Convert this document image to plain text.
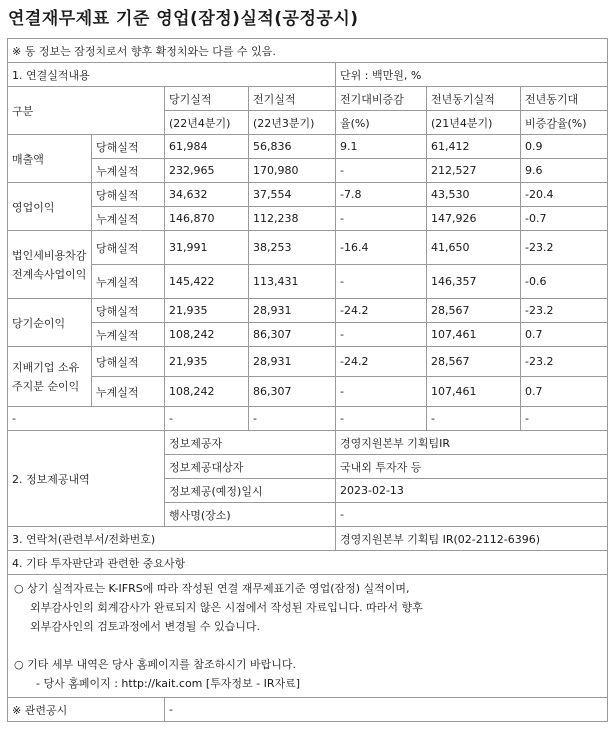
연결재무제표 기준 영업(잠정)실적(공정공시)
※ 동 정보는 잠정치로서 향후 확정치와는 다를 수 있음.						
1. 연결실적내용				단위 : 백만원, %		
구분		당기실적	전기실적	전기대비증감	전년동기실적	전년동기대
		(22년4분기)	(22년3분기)	율(%)	(21년4분기)	비증감율(%)
매출액	당해실적	61,984	56,836	9.1	61,412	0.9
	누계실적	232,965	170,980	-	212,527	9.6
영업이익	당해실적	34,632	37,554	-7.8	43,530	-20.4
	누계실적	146,870	112,238	-	147,926	-0.7
법인세비용차감전계속사업이익	당해실적	31,991	38,253	-16.4	41,650	-23.2
	누계실적	145,422	113,431	-	146,357	-0.6
당기순이익	당해실적	21,935	28,931	-24.2	28,567	-23.2
	누계실적	108,242	86,307	-	107,461	0.7
지배기업 소유주지분 순이익	당해실적	21,935	28,931	-24.2	28,567	-23.2
	누계실적	108,242	86,307	-	107,461	0.7
-		-	-	-	-	-
2. 정보제공내역		정보제공자		경영지원본부 기획팀IR		
		정보제공대상자		국내외 투자자 등		
		정보제공(예정)일시		2023-02-13		
		행사명(장소)		-		
3. 연락처(관련부서/전화번호)				경영지원본부 기획팀 IR(02-2112-6396)		
4. 기타 투자판단과 관련한 중요사항						

○ 상기 실적자료는 K-IFRS에 따라 작성된 연결 재무제표기준 영업(잠정) 실적이며,
외부감사인의 회계감사가 완료되지 않은 시점에서 작성된 자료입니다. 따라서 향후
외부감사인의 검토과정에서 변경될 수 있습니다.
○ 기타 세부 내역은 당사 홈페이지를 참조하시기 바랍니다.
- 당사 홈페이지 : http://kait.com [투자정보 - IR자료]						

※ 관련공시		-				
